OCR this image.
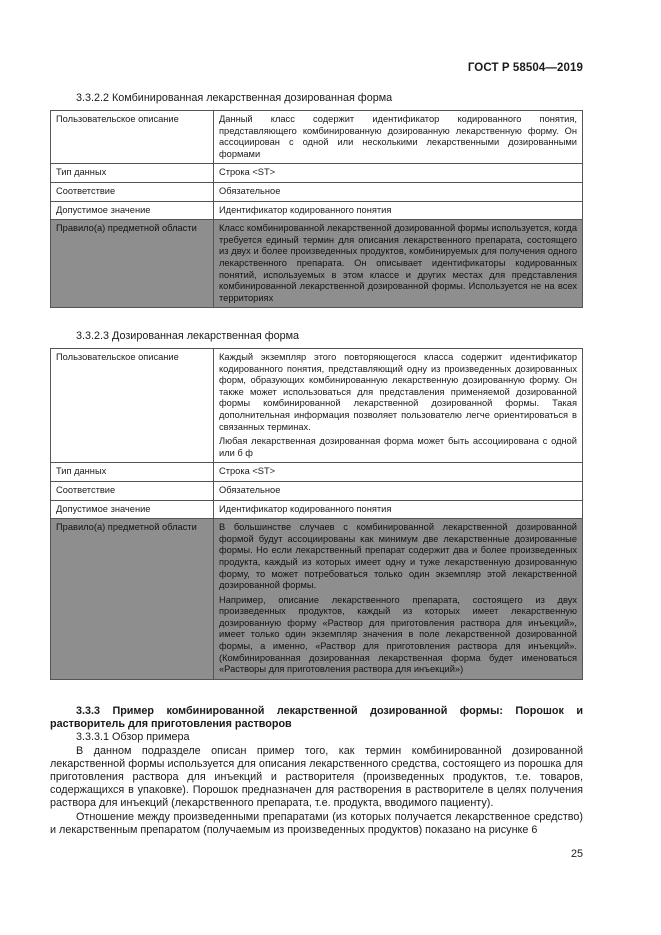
ГОСТ Р 58504—2019
3.3.2.2 Комбинированная лекарственная дозированная форма
Пользовательское описание	Данный класс содержит идентификатор кодированного понятия, представляющего комбинированную дозированную лекарственную форму. Он ассоциирован с одной или несколькими лекарственными дозированными формами

Тип данных	Строка <ST>

Соответствие	Обязательное

Допустимое значение	Идентификатор кодированного понятия

Правило(а) предметной области	Класс комбинированной лекарственной дозированной формы используется, когда требуется единый термин для описания лекарственного препарата, состоящего из двух и более произведенных продуктов, комбинируемых для получения одного лекарственного препарата. Он описывает идентификаторы кодированных понятий, используемых в этом классе и других местах для представления комбинированной лекарственной дозированной формы. Используется не на всех территориях

3.3.2.3 Дозированная лекарственная форма
Пользовательское описание	Каждый экземпляр этого повторяющегося класса содержит идентификатор кодированного понятия, представляющий одну из произведенных дозированных форм, образующих комбинированную лекарственную дозированную форму. Он также может использоваться для представления применяемой дозированной формы комбинированной лекарственной дозированной формы. Такая дополнительная информация позволяет пользователю легче ориентироваться в связанных терминах.

Любая лекарственная дозированная форма может быть ассоциирована с одной или б ф

Тип данных	Строка <ST>

Соответствие	Обязательное

Допустимое значение	Идентификатор кодированного понятия

Правило(а) предметной области	В большинстве случаев с комбинированной лекарственной дозированной формой будут ассоциированы как минимум две лекарственные дозированные формы. Но если лекарственный препарат содержит два и более произведенных продукта, каждый из которых имеет одну и туже лекарственную дозированную форму, то может потребоваться только один экземпляр этой лекарственной дозированной формы.

Например, описание лекарственного препарата, состоящего из двух произведенных продуктов, каждый из которых имеет лекарственную дозированную форму «Раствор для приготовления раствора для инъекций», имеет только один экземпляр значения в поле лекарственной дозированной формы, а именно, «Раствор для приготовления раствора для инъекций». (Комбинированная дозированная лекарственная форма будет именоваться «Растворы для приготовления раствора для инъекций»)

3.3.3 Пример комбинированной лекарственной дозированной формы: Порошок и растворитель для приготовления растворов

3.3.3.1 Обзор примера

В данном подразделе описан пример того, как термин комбинированной дозированной лекарственной формы используется для описания лекарственного средства, состоящего из порошка для приготовления раствора для инъекций и растворителя (произведенных продуктов, т.е. товаров, содержащихся в упаковке). Порошок предназначен для растворения в растворителе в целях получения раствора для инъекций (лекарственного препарата, т.е. продукта, вводимого пациенту).

Отношение между произведенными препаратами (из которых получается лекарственное средство) и лекарственным препаратом (получаемым из произведенных продуктов) показано на рисунке 6

25
